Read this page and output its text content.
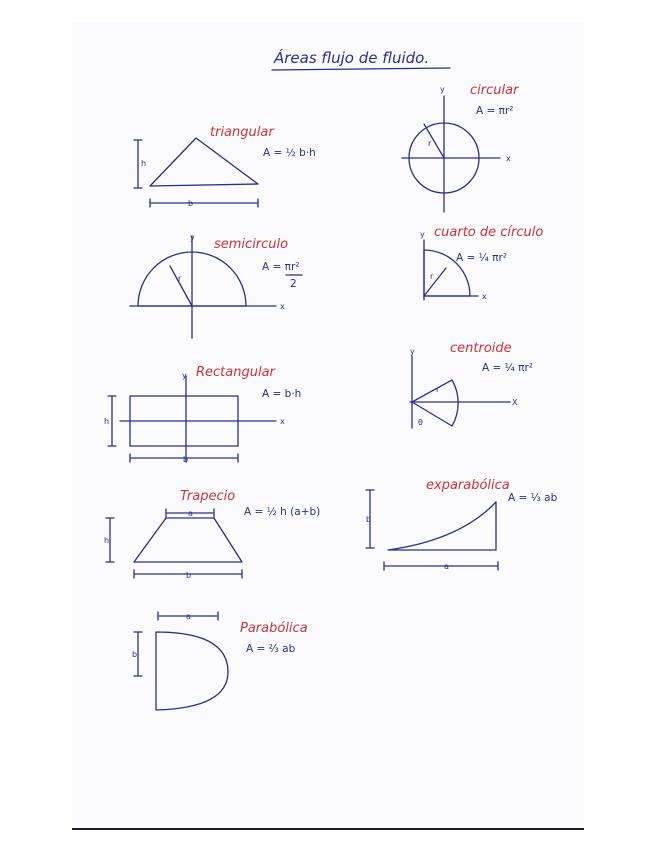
Áreas flujo de fluido.
triangular
A = ½ b·h
h
b
circular
A = πr²
x
y
r
semicirculo
A = πr²
2
x
y
r
cuarto de círculo
A = ¼ πr²
x
y
r
Rectangular
A = b·h
h
b
x
y
centroide
A = ¼ πr²
X
y
r
θ
Trapecio
A = ½ h (a+b)
a
h
b
exparabólica
A = ⅓ ab
b
a
Parabólica
A = ⅔ ab
a
b
